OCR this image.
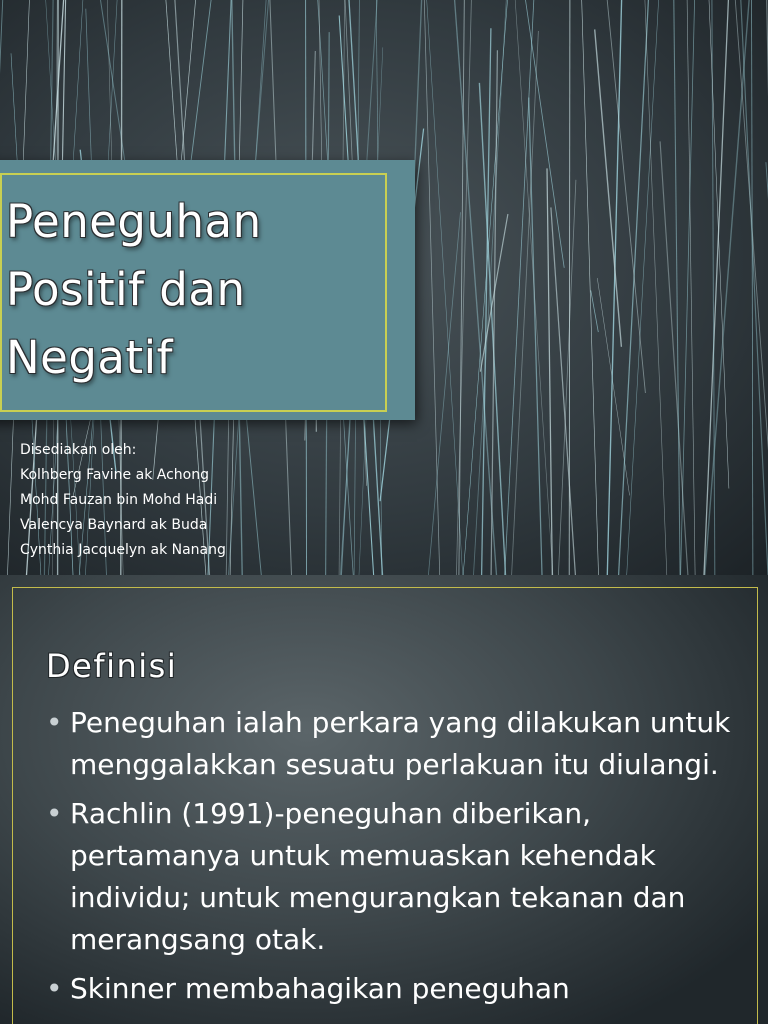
Peneguhan
Positif dan
Negatif
Disediakan oleh:
Kolhberg Favine ak Achong
Mohd Fauzan bin Mohd Hadi
Valencya Baynard ak Buda
Cynthia Jacquelyn ak Nanang
Definisi
• Peneguhan ialah perkara yang dilakukan untuk menggalakkan sesuatu perlakuan itu diulangi.
• Rachlin (1991)-peneguhan diberikan, pertamanya untuk memuaskan kehendak individu; untuk mengurangkan tekanan dan merangsang otak.
• Skinner membahagikan peneguhan
